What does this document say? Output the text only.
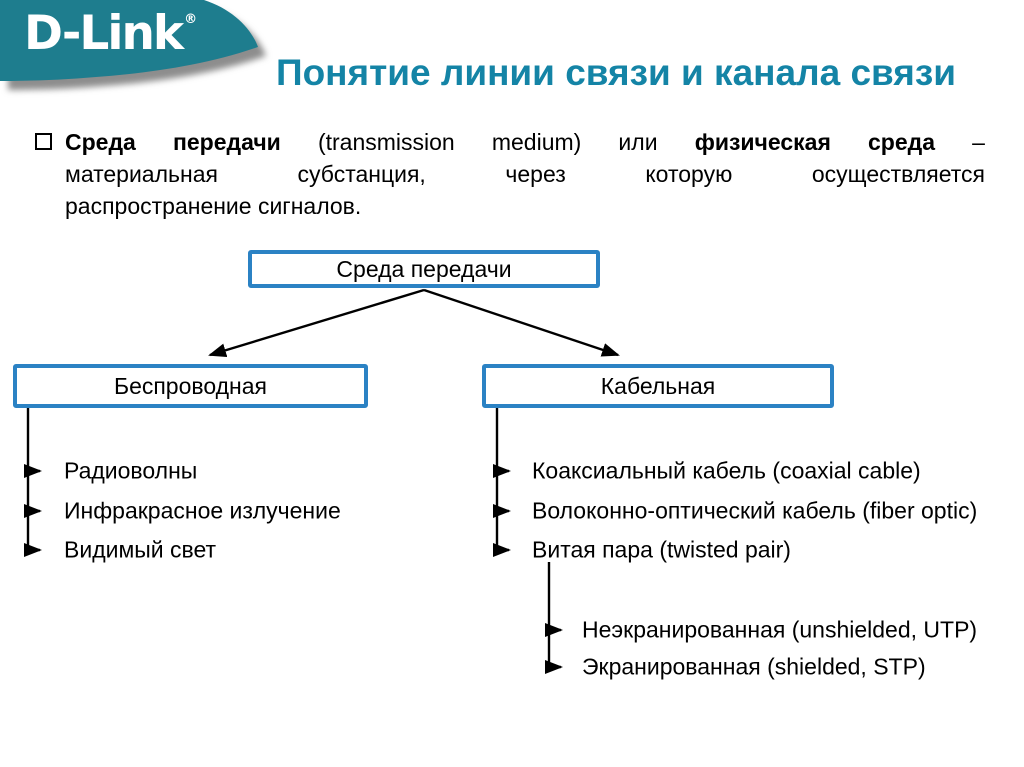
D-Link ®
Понятие линии связи и канала связи
Среда передачи (transmission medium) или физическая среда –
материальная субстанция, через которую осуществляется
распространение сигналов.
Среда передачи
Беспроводная	Кабельная
Радиоволны
Инфракрасное излучение
Видимый свет
Коаксиальный кабель (coaxial cable)
Волоконно-оптический кабель (fiber optic)
Витая пара (twisted pair)
Неэкранированная (unshielded, UTP)
Экранированная (shielded, STP)
